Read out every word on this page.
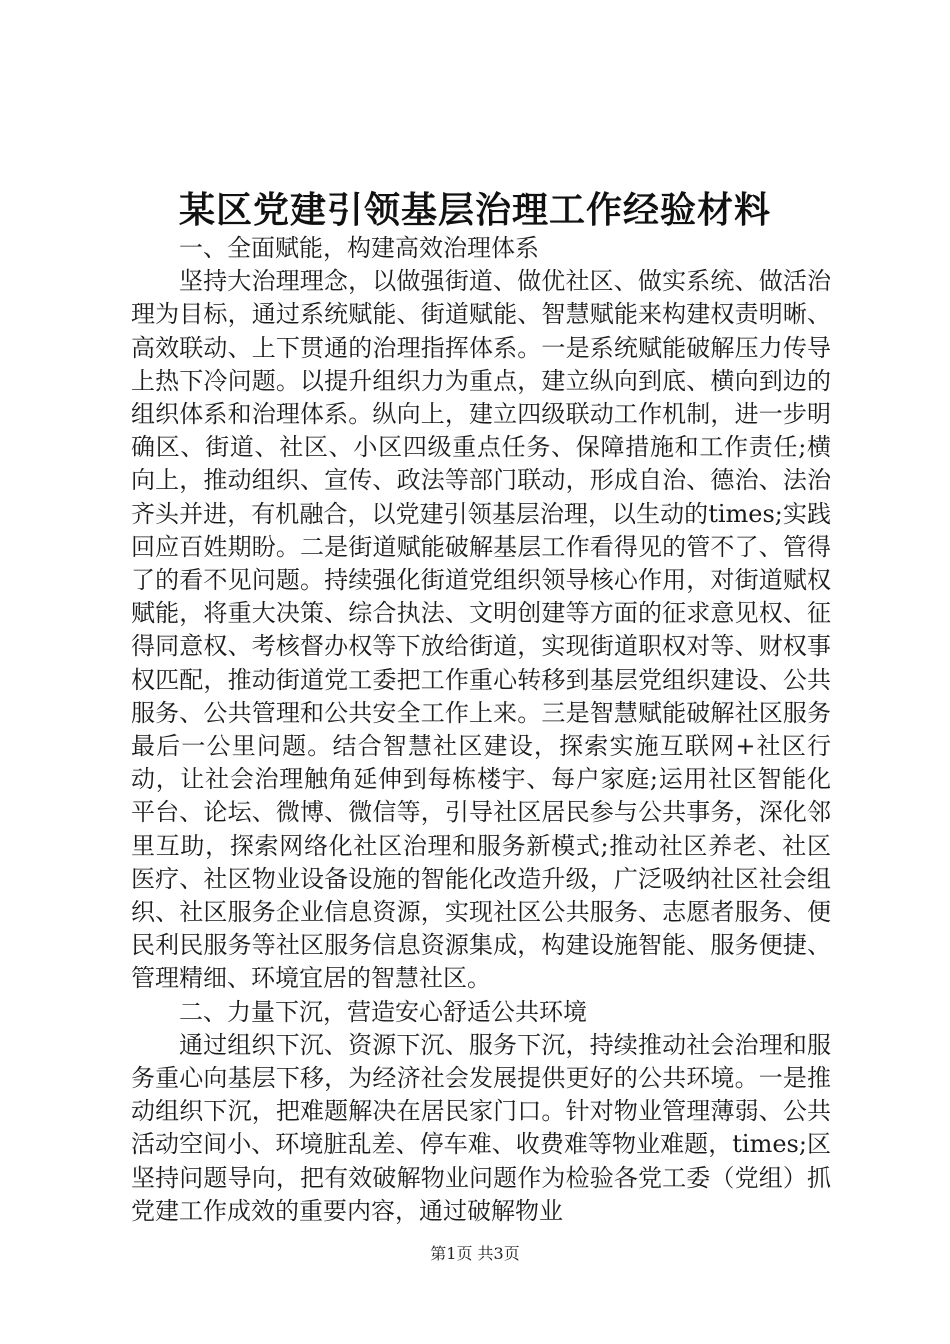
某区党建引领基层治理工作经验材料

一、全面赋能，构建高效治理体系

坚持大治理理念，以做强街道、做优社区、做实系统、做活治理为目标，通过系统赋能、街道赋能、智慧赋能来构建权责明晰、高效联动、上下贯通的治理指挥体系。一是系统赋能破解压力传导上热下冷问题。以提升组织力为重点，建立纵向到底、横向到边的组织体系和治理体系。纵向上，建立四级联动工作机制，进一步明确区、街道、社区、小区四级重点任务、保障措施和工作责任;横向上，推动组织、宣传、政法等部门联动，形成自治、德治、法治齐头并进，有机融合，以党建引领基层治理，以生动的times;实践回应百姓期盼。二是街道赋能破解基层工作看得见的管不了、管得了的看不见问题。持续强化街道党组织领导核心作用，对街道赋权赋能，将重大决策、综合执法、文明创建等方面的征求意见权、征得同意权、考核督办权等下放给街道，实现街道职权对等、财权事权匹配，推动街道党工委把工作重心转移到基层党组织建设、公共服务、公共管理和公共安全工作上来。三是智慧赋能破解社区服务最后一公里问题。结合智慧社区建设，探索实施互联网+社区行动，让社会治理触角延伸到每栋楼宇、每户家庭;运用社区智能化平台、论坛、微博、微信等，引导社区居民参与公共事务，深化邻里互助，探索网络化社区治理和服务新模式;推动社区养老、社区医疗、社区物业设备设施的智能化改造升级，广泛吸纳社区社会组织、社区服务企业信息资源，实现社区公共服务、志愿者服务、便民利民服务等社区服务信息资源集成，构建设施智能、服务便捷、管理精细、环境宜居的智慧社区。

二、力量下沉，营造安心舒适公共环境

通过组织下沉、资源下沉、服务下沉，持续推动社会治理和服务重心向基层下移，为经济社会发展提供更好的公共环境。一是推动组织下沉，把难题解决在居民家门口。针对物业管理薄弱、公共活动空间小、环境脏乱差、停车难、收费难等物业难题，times;区坚持问题导向，把有效破解物业问题作为检验各党工委（党组）抓党建工作成效的重要内容，通过破解物业

第1页 共3页
